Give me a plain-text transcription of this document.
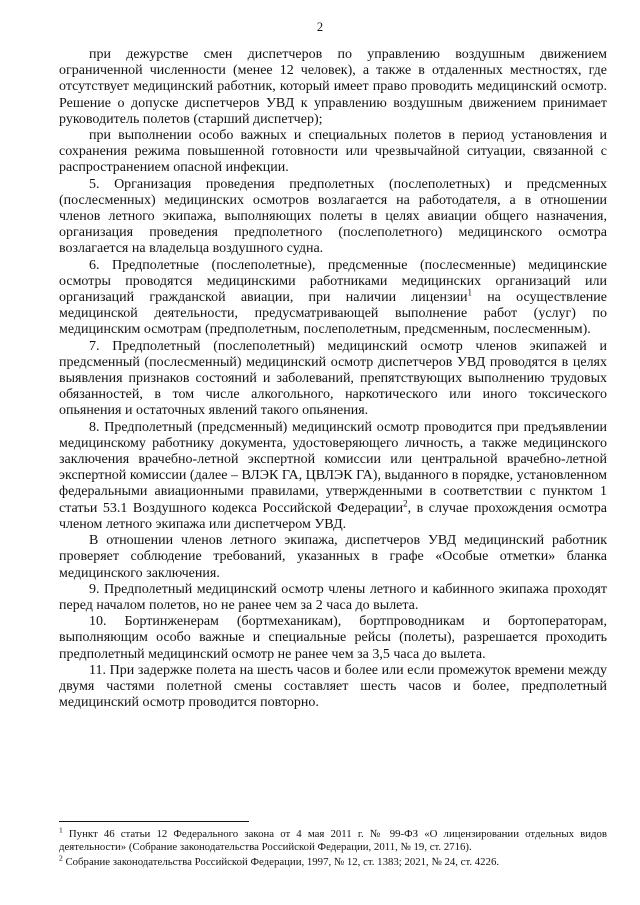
2

при дежурстве смен диспетчеров по управлению воздушным движением ограниченной численности (менее 12 человек), а также в отдаленных местностях, где отсутствует медицинский работник, который имеет право проводить медицинский осмотр. Решение о допуске диспетчеров УВД к управлению воздушным движением принимает руководитель полетов (старший диспетчер);

при выполнении особо важных и специальных полетов в период установления и сохранения режима повышенной готовности или чрезвычайной ситуации, связанной с распространением опасной инфекции.

5. Организация проведения предполетных (послеполетных) и предсменных (послесменных) медицинских осмотров возлагается на работодателя, а в отношении членов летного экипажа, выполняющих полеты в целях авиации общего назначения, организация проведения предполетного (послеполетного) медицинского осмотра возлагается на владельца воздушного судна.

6. Предполетные (послеполетные), предсменные (послесменные) медицинские осмотры проводятся медицинскими работниками медицинских организаций или организаций гражданской авиации, при наличии лицензии$^1$ на осуществление медицинской деятельности, предусматривающей выполнение работ (услуг) по медицинским осмотрам (предполетным, послеполетным, предсменным, послесменным).

7. Предполетный (послеполетный) медицинский осмотр членов экипажей и предсменный (послесменный) медицинский осмотр диспетчеров УВД проводятся в целях выявления признаков состояний и заболеваний, препятствующих выполнению трудовых обязанностей, в том числе алкогольного, наркотического или иного токсического опьянения и остаточных явлений такого опьянения.

8. Предполетный (предсменный) медицинский осмотр проводится при предъявлении медицинскому работнику документа, удостоверяющего личность, а также медицинского заключения врачебно-летной экспертной комиссии или центральной врачебно-летной экспертной комиссии (далее – ВЛЭК ГА, ЦВЛЭК ГА), выданного в порядке, установленном федеральными авиационными правилами, утвержденными в соответствии с пунктом 1 статьи 53.1 Воздушного кодекса Российской Федерации$^2$, в случае прохождения осмотра членом летного экипажа или диспетчером УВД.

В отношении членов летного экипажа, диспетчеров УВД медицинский работник проверяет соблюдение требований, указанных в графе «Особые отметки» бланка медицинского заключения.

9. Предполетный медицинский осмотр члены летного и кабинного экипажа проходят перед началом полетов, но не ранее чем за 2 часа до вылета.

10. Бортинженерам (бортмеханикам), бортпроводникам и бортоператорам, выполняющим особо важные и специальные рейсы (полеты), разрешается проходить предполетный медицинский осмотр не ранее чем за 3,5 часа до вылета.

11. При задержке полета на шесть часов и более или если промежуток времени между двумя частями полетной смены составляет шесть часов и более, предполетный медицинский осмотр проводится повторно.

$^1$ Пункт 46 статьи 12 Федерального закона от 4 мая 2011 г. № 99-ФЗ «О лицензировании отдельных видов деятельности» (Собрание законодательства Российской Федерации, 2011, № 19, ст. 2716).

$^2$ Собрание законодательства Российской Федерации, 1997, № 12, ст. 1383; 2021, № 24, ст. 4226.
